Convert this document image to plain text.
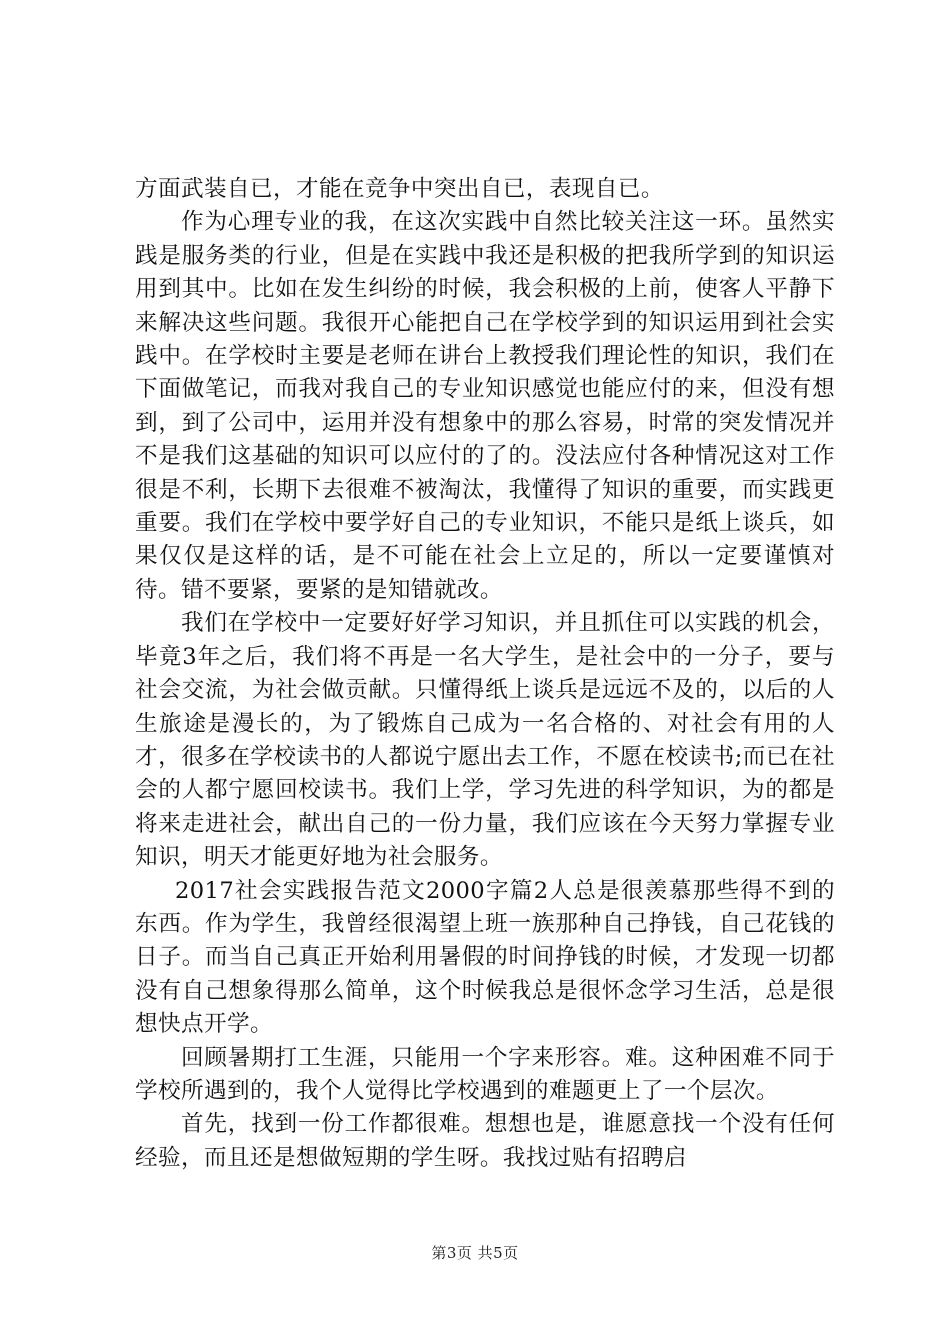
方面武装自已，才能在竞争中突出自已，表现自已。

作为心理专业的我，在这次实践中自然比较关注这一环。虽然实践是服务类的行业，但是在实践中我还是积极的把我所学到的知识运用到其中。比如在发生纠纷的时候，我会积极的上前，使客人平静下来解决这些问题。我很开心能把自己在学校学到的知识运用到社会实践中。在学校时主要是老师在讲台上教授我们理论性的知识，我们在下面做笔记，而我对我自己的专业知识感觉也能应付的来，但没有想到，到了公司中，运用并没有想象中的那么容易，时常的突发情况并不是我们这基础的知识可以应付的了的。没法应付各种情况这对工作很是不利，长期下去很难不被淘汰，我懂得了知识的重要，而实践更重要。我们在学校中要学好自己的专业知识，不能只是纸上谈兵，如果仅仅是这样的话，是不可能在社会上立足的，所以一定要谨慎对待。错不要紧，要紧的是知错就改。

我们在学校中一定要好好学习知识，并且抓住可以实践的机会，毕竟3年之后，我们将不再是一名大学生，是社会中的一分子，要与社会交流，为社会做贡献。只懂得纸上谈兵是远远不及的，以后的人生旅途是漫长的，为了锻炼自己成为一名合格的、对社会有用的人才，很多在学校读书的人都说宁愿出去工作，不愿在校读书;而已在社会的人都宁愿回校读书。我们上学，学习先进的科学知识，为的都是将来走进社会，献出自己的一份力量，我们应该在今天努力掌握专业知识，明天才能更好地为社会服务。

2017社会实践报告范文2000字篇2人总是很羡慕那些得不到的东西。作为学生，我曾经很渴望上班一族那种自己挣钱，自己花钱的日子。而当自己真正开始利用暑假的时间挣钱的时候，才发现一切都没有自己想象得那么简单，这个时候我总是很怀念学习生活，总是很想快点开学。

回顾暑期打工生涯，只能用一个字来形容。难。这种困难不同于学校所遇到的，我个人觉得比学校遇到的难题更上了一个层次。

首先，找到一份工作都很难。想想也是，谁愿意找一个没有任何经验，而且还是想做短期的学生呀。我找过贴有招聘启

第3页 共5页
